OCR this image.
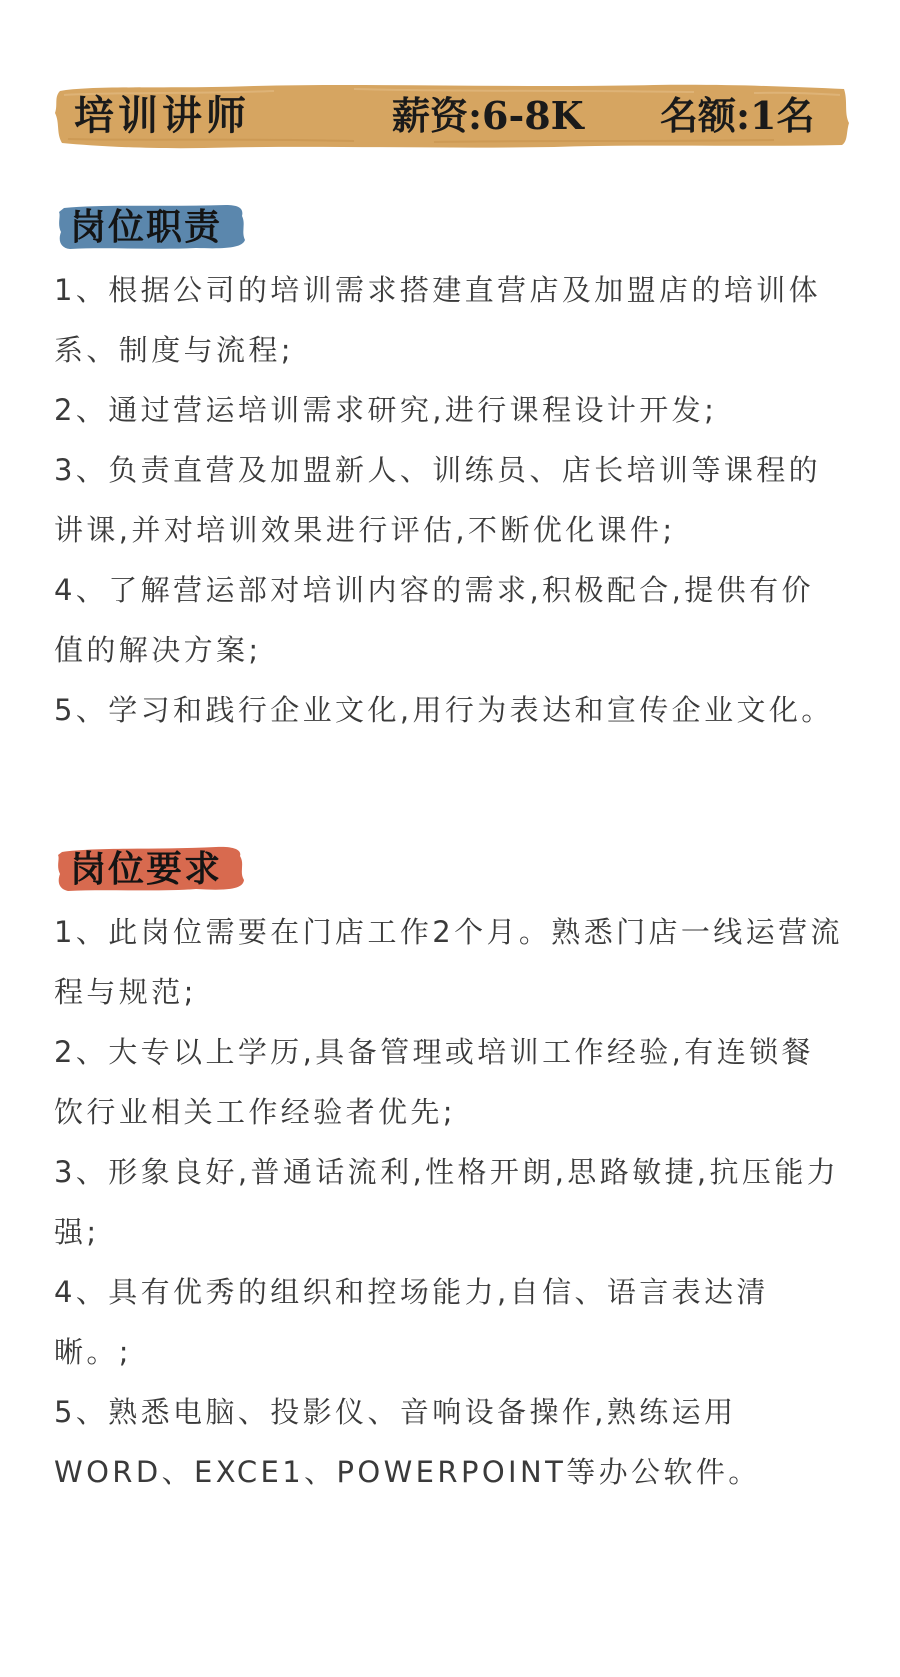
培训讲师	薪资:6-8K 名额:1名
岗位职责
1、根据公司的培训需求搭建直营店及加盟店的培训体系、制度与流程;
2、通过营运培训需求研究,进行课程设计开发;
3、负责直营及加盟新人、训练员、店长培训等课程的讲课,并对培训效果进行评估,不断优化课件;
4、了解营运部对培训内容的需求,积极配合,提供有价值的解决方案;
5、学习和践行企业文化,用行为表达和宣传企业文化。
岗位要求
1、此岗位需要在门店工作2个月。熟悉门店一线运营流程与规范;
2、大专以上学历,具备管理或培训工作经验,有连锁餐饮行业相关工作经验者优先;
3、形象良好,普通话流利,性格开朗,思路敏捷,抗压能力强;
4、具有优秀的组织和控场能力,自信、语言表达清晰。;
5、熟悉电脑、投影仪、音响设备操作,熟练运用WORD、EXCE1、POWERPOINT等办公软件。
